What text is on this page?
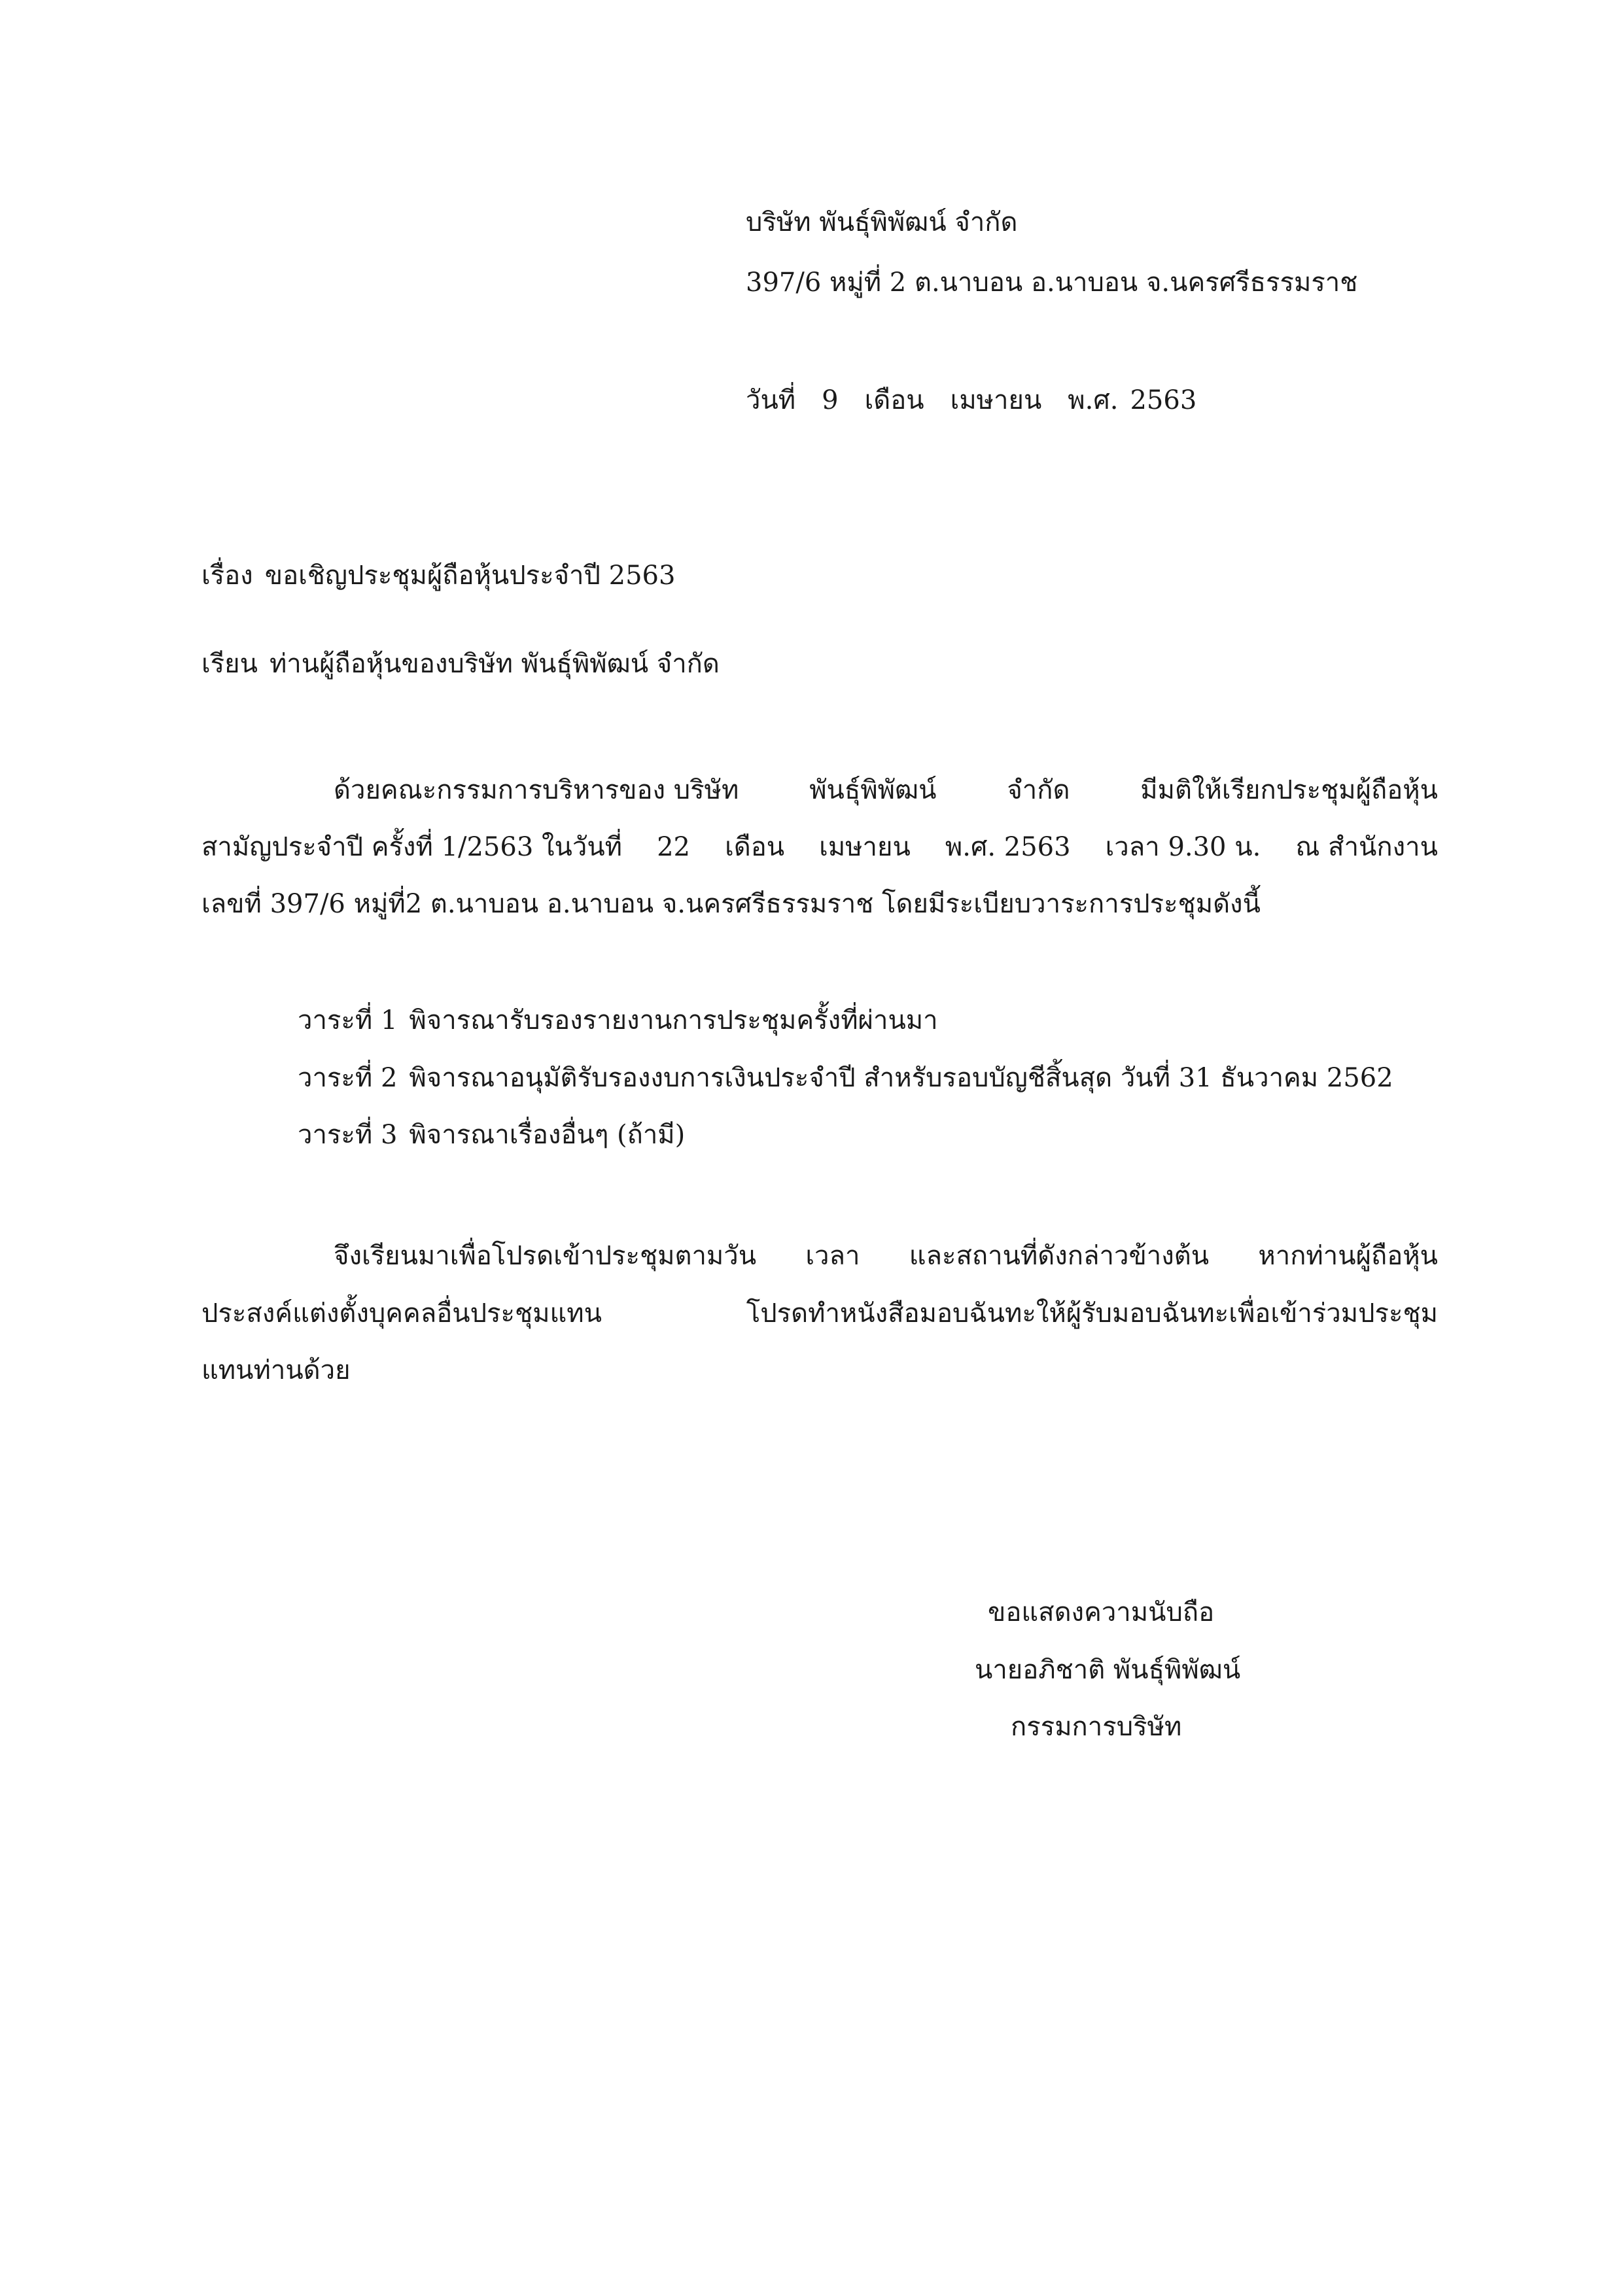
บริษัท พันธุ์พิพัฒน์ จำกัด
397/6 หมู่ที่ 2 ต.นาบอน อ.นาบอน จ.นครศรีธรรมราช
วันที่ 9 เดือน เมษายน พ.ศ. 2563
เรื่อง ขอเชิญประชุมผู้ถือหุ้นประจำปี 2563
เรียน ท่านผู้ถือหุ้นของบริษัท พันธุ์พิพัฒน์ จำกัด
ด้วยคณะกรรมการบริหารของ บริษัท	พันธุ์พิพัฒน์	จำกัด	มีมติให้เรียกประชุมผู้ถือหุ้น
สามัญประจำปี ครั้งที่ 1/2563 ในวันที่ 22 เดือน เมษายน พ.ศ. 2563 เวลา 9.30 น. ณ สำนักงาน
เลขที่ 397/6 หมู่ที่2 ต.นาบอน อ.นาบอน จ.นครศรีธรรมราช โดยมีระเบียบวาระการประชุมดังนี้
วาระที่ 1 พิจารณารับรองรายงานการประชุมครั้งที่ผ่านมา
วาระที่ 2 พิจารณาอนุมัติรับรองงบการเงินประจำปี สำหรับรอบบัญชีสิ้นสุด วันที่ 31 ธันวาคม 2562
วาระที่ 3 พิจารณาเรื่องอื่นๆ (ถ้ามี)
จึงเรียนมาเพื่อโปรดเข้าประชุมตามวัน เวลา และสถานที่ดังกล่าวข้างต้น หากท่านผู้ถือหุ้น
ประสงค์แต่งตั้งบุคคลอื่นประชุมแทน	โปรดทำหนังสือมอบฉันทะให้ผู้รับมอบฉันทะเพื่อเข้าร่วมประชุม
แทนท่านด้วย
ขอแสดงความนับถือ
นายอภิชาติ พันธุ์พิพัฒน์
กรรมการบริษัท
